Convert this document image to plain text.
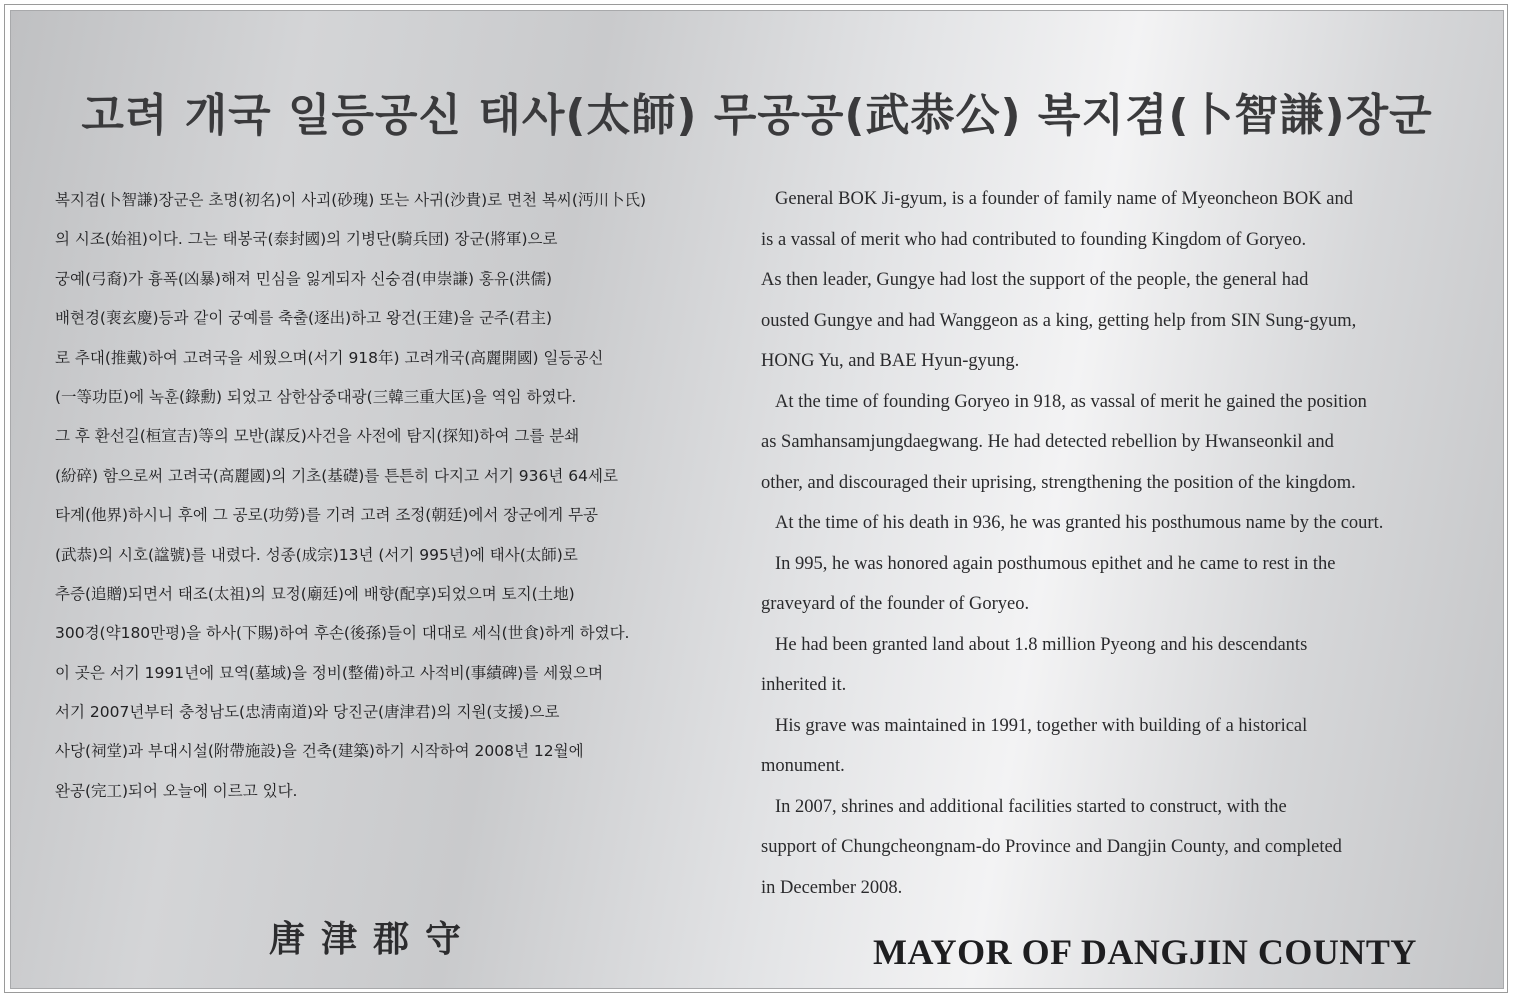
고려 개국 일등공신 태사(太師) 무공공(武恭公) 복지겸(卜智謙)장군
복지겸(卜智謙)장군은 초명(初名)이 사괴(砂瑰) 또는 사귀(沙貴)로 면천 복씨(沔川卜氏)
의 시조(始祖)이다. 그는 태봉국(泰封國)의 기병단(騎兵団) 장군(將軍)으로
궁예(弓裔)가 흉폭(凶暴)해져 민심을 잃게되자 신숭겸(申崇謙) 홍유(洪儒)
배현경(裵玄慶)등과 같이 궁예를 축출(逐出)하고 왕건(王建)을 군주(君主)
로 추대(推戴)하여 고려국을 세웠으며(서기 918年) 고려개국(高麗開國) 일등공신
(一等功臣)에 녹훈(錄勳) 되었고 삼한삼중대광(三韓三重大匡)을 역임 하였다.
그 후 환선길(桓宣吉)等의 모반(謀反)사건을 사전에 탐지(探知)하여 그를 분쇄
(紛碎) 함으로써 고려국(高麗國)의 기초(基礎)를 튼튼히 다지고 서기 936년 64세로
타계(他界)하시니 후에 그 공로(功勞)를 기려 고려 조정(朝廷)에서 장군에게 무공
(武恭)의 시호(諡號)를 내렸다. 성종(成宗)13년 (서기 995년)에 태사(太師)로
추증(追贈)되면서 태조(太祖)의 묘정(廟廷)에 배향(配享)되었으며 토지(土地)
300경(약180만평)을 하사(下賜)하여 후손(後孫)들이 대대로 세식(世食)하게 하였다.
이 곳은 서기 1991년에 묘역(墓域)을 정비(整備)하고 사적비(事績碑)를 세웠으며
서기 2007년부터 충청남도(忠淸南道)와 당진군(唐津君)의 지원(支援)으로
사당(祠堂)과 부대시설(附帶施設)을 건축(建築)하기 시작하여 2008년 12월에
완공(完工)되어 오늘에 이르고 있다.
General BOK Ji-gyum, is a founder of family name of Myeoncheon BOK and
is a vassal of merit who had contributed to founding Kingdom of Goryeo.
As then leader, Gungye had lost the support of the people, the general had
ousted Gungye and had Wanggeon as a king, getting help from SIN Sung-gyum,
HONG Yu, and BAE Hyun-gyung.
At the time of founding Goryeo in 918, as vassal of merit he gained the position
as Samhansamjungdaegwang. He had detected rebellion by Hwanseonkil and
other, and discouraged their uprising, strengthening the position of the kingdom.
At the time of his death in 936, he was granted his posthumous name by the court.
In 995, he was honored again posthumous epithet and he came to rest in the
graveyard of the founder of Goryeo.
He had been granted land about 1.8 million Pyeong and his descendants
inherited it.
His grave was maintained in 1991, together with building of a historical
monument.
In 2007, shrines and additional facilities started to construct, with the
support of Chungcheongnam-do Province and Dangjin County, and completed
in December 2008.
唐津郡守	MAYOR OF DANGJIN COUNTY
